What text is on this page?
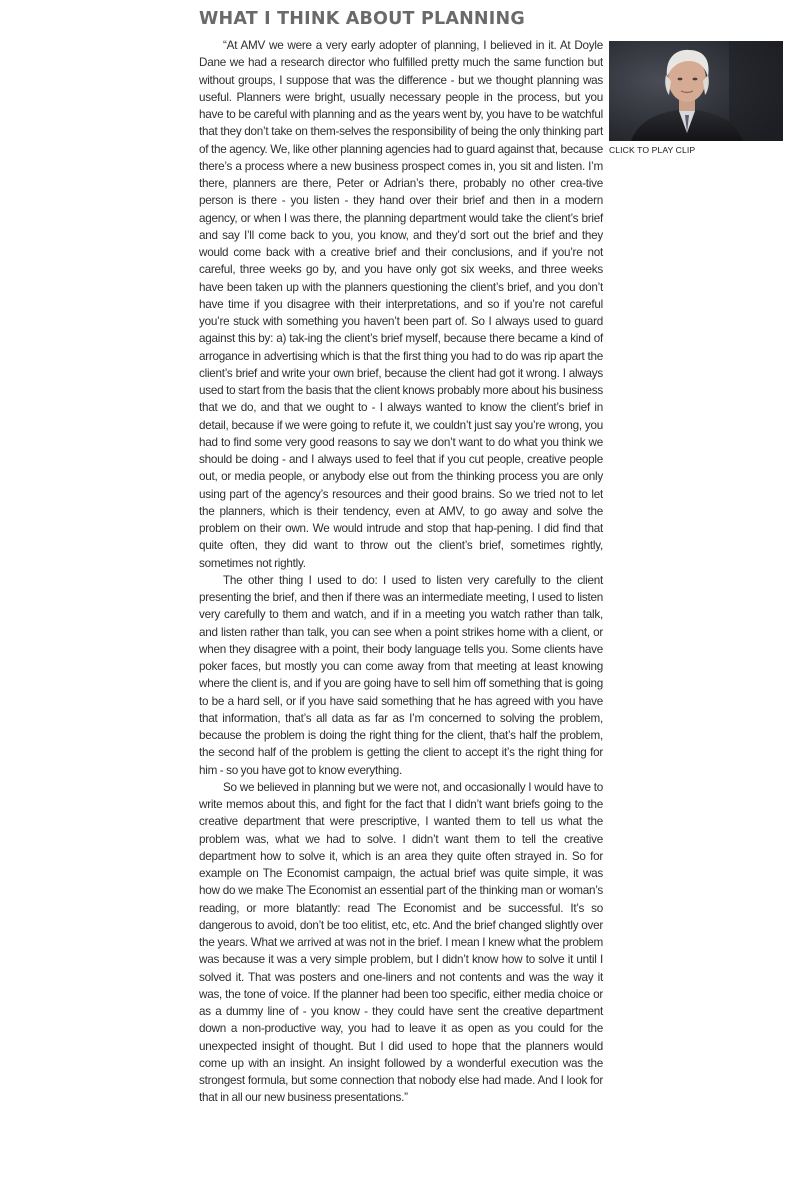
WHAT I THINK ABOUT PLANNING

“At AMV we were a very early adopter of planning, I believed in it. At Doyle Dane we had a research director who fulfilled pretty much the same function but without groups, I suppose that was the difference - but we thought planning was useful. Planners were bright, usually necessary people in the process, but you have to be careful with planning and as the years went by, you have to be watchful that they don’t take on them-selves the responsibility of being the only thinking part of the agency. We, like other planning agencies had to guard against that, because there’s a process where a new business prospect comes in, you sit and listen. I’m there, planners are there, Peter or Adrian’s there, probably no other crea-tive person is there - you listen - they hand over their brief and then in a modern agency, or when I was there, the planning department would take the client’s brief and say I’ll come back to you, you know, and they’d sort out the brief and they would come back with a creative brief and their conclusions, and if you’re not careful, three weeks go by, and you have only got six weeks, and three weeks have been taken up with the planners questioning the client’s brief, and you don’t have time if you disagree with their interpretations, and so if you’re not careful you’re stuck with something you haven’t been part of. So I always used to guard against this by: a) tak-ing the client’s brief myself, because there became a kind of arrogance in advertising which is that the first thing you had to do was rip apart the client’s brief and write your own brief, because the client had got it wrong. I always used to start from the basis that the client knows probably more about his business that we do, and that we ought to - I always wanted to know the client’s brief in detail, because if we were going to refute it, we couldn’t just say you’re wrong, you had to find some very good reasons to say we don’t want to do what you think we should be doing - and I always used to feel that if you cut people, creative people out, or media people, or anybody else out from the thinking process you are only using part of the agency’s resources and their good brains. So we tried not to let the planners, which is their tendency, even at AMV, to go away and solve the problem on their own. We would intrude and stop that hap-pening. I did find that quite often, they did want to throw out the client’s brief, sometimes rightly, sometimes not rightly.

The other thing I used to do: I used to listen very carefully to the client presenting the brief, and then if there was an intermediate meeting, I used to listen very carefully to them and watch, and if in a meeting you watch rather than talk, and listen rather than talk, you can see when a point strikes home with a client, or when they disagree with a point, their body language tells you. Some clients have poker faces, but mostly you can come away from that meeting at least knowing where the client is, and if you are going have to sell him off something that is going to be a hard sell, or if you have said something that he has agreed with you have that information, that’s all data as far as I’m concerned to solving the problem, because the problem is doing the right thing for the client, that’s half the problem, the second half of the problem is getting the client to accept it’s the right thing for him - so you have got to know everything.

So we believed in planning but we were not, and occasionally I would have to write memos about this, and fight for the fact that I didn’t want briefs going to the creative department that were prescriptive, I wanted them to tell us what the problem was, what we had to solve. I didn’t want them to tell the creative department how to solve it, which is an area they quite often strayed in. So for example on The Economist campaign, the actual brief was quite simple, it was how do we make The Economist an essential part of the thinking man or woman’s reading, or more blatantly: read The Economist and be successful. It’s so dangerous to avoid, don’t be too elitist, etc, etc. And the brief changed slightly over the years. What we arrived at was not in the brief. I mean I knew what the problem was because it was a very simple problem, but I didn’t know how to solve it until I solved it. That was posters and one-liners and not contents and was the way it was, the tone of voice. If the planner had been too specific, either media choice or as a dummy line of - you know - they could have sent the creative department down a non-productive way, you had to leave it as open as you could for the unexpected insight of thought. But I did used to hope that the planners would come up with an insight. An insight followed by a wonderful execution was the strongest formula, but some connection that nobody else had made. And I look for that in all our new business presentations.”

CLICK TO PLAY CLIP
